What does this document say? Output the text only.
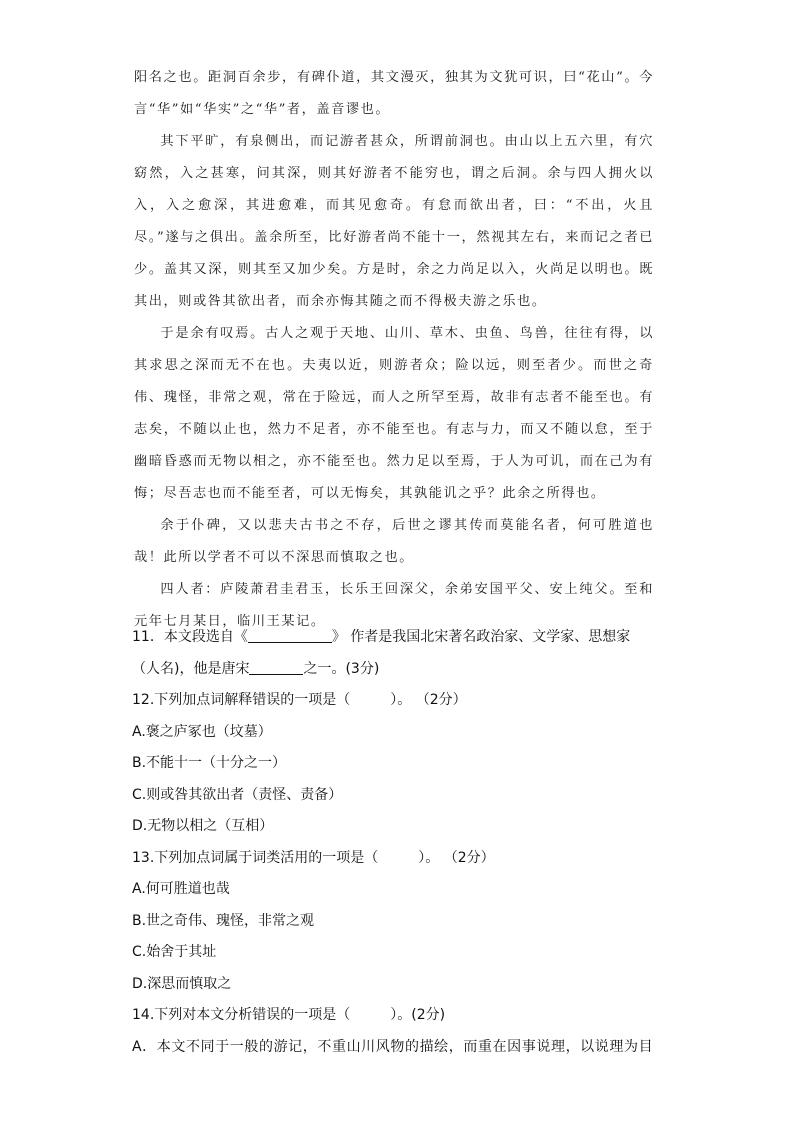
阳名之也。距洞百余步，有碑仆道，其文漫灭，独其为文犹可识，曰“花山”。今言“华”如“华实”之“华”者，盖音谬也。

其下平旷，有泉侧出，而记游者甚众，所谓前洞也。由山以上五六里，有穴窈然，入之甚寒，问其深，则其好游者不能穷也，谓之后洞。余与四人拥火以入，入之愈深，其进愈难，而其见愈奇。有怠而欲出者，曰：“不出，火且尽。”遂与之俱出。盖余所至，比好游者尚不能十一，然视其左右，来而记之者已少。盖其又深，则其至又加少矣。方是时，余之力尚足以入，火尚足以明也。既其出，则或咎其欲出者，而余亦悔其随之而不得极夫游之乐也。

于是余有叹焉。古人之观于天地、山川、草木、虫鱼、鸟兽，往往有得，以其求思之深而无不在也。夫夷以近，则游者众；险以远，则至者少。而世之奇伟、瑰怪，非常之观，常在于险远，而人之所罕至焉，故非有志者不能至也。有志矣，不随以止也，然力不足者，亦不能至也。有志与力，而又不随以怠，至于幽暗昏惑而无物以相之，亦不能至也。然力足以至焉，于人为可讥，而在己为有悔；尽吾志也而不能至者，可以无悔矣，其孰能讥之乎？此余之所得也。

余于仆碑，又以悲夫古书之不存，后世之谬其传而莫能名者，何可胜道也哉！此所以学者不可以不深思而慎取之也。

四人者：庐陵萧君圭君玉，长乐王回深父，余弟安国平父、安上纯父。至和元年七月某日，临川王某记。

11．本文段选自《	》 作者是我国北宋著名政治家、文学家、思想家
（人名)，他是唐宋	之一。(3分)
12.下列加点词解释错误的一项是（	）。 （2分）
A.褒之庐冢也（坟墓）
B.不能十一（十分之一）
C.则或咎其欲出者（责怪、责备）
D.无物以相之（互相）
13.下列加点词属于词类活用的一项是（	）。 （2分）
A.何可胜道也哉
B.世之奇伟、瑰怪，非常之观
C.始舍于其址
D.深思而慎取之
14.下列对本文分析错误的一项是（	）。(2分)
A．本文不同于一般的游记，不重山川风物的描绘，而重在因事说理，以说理为目
